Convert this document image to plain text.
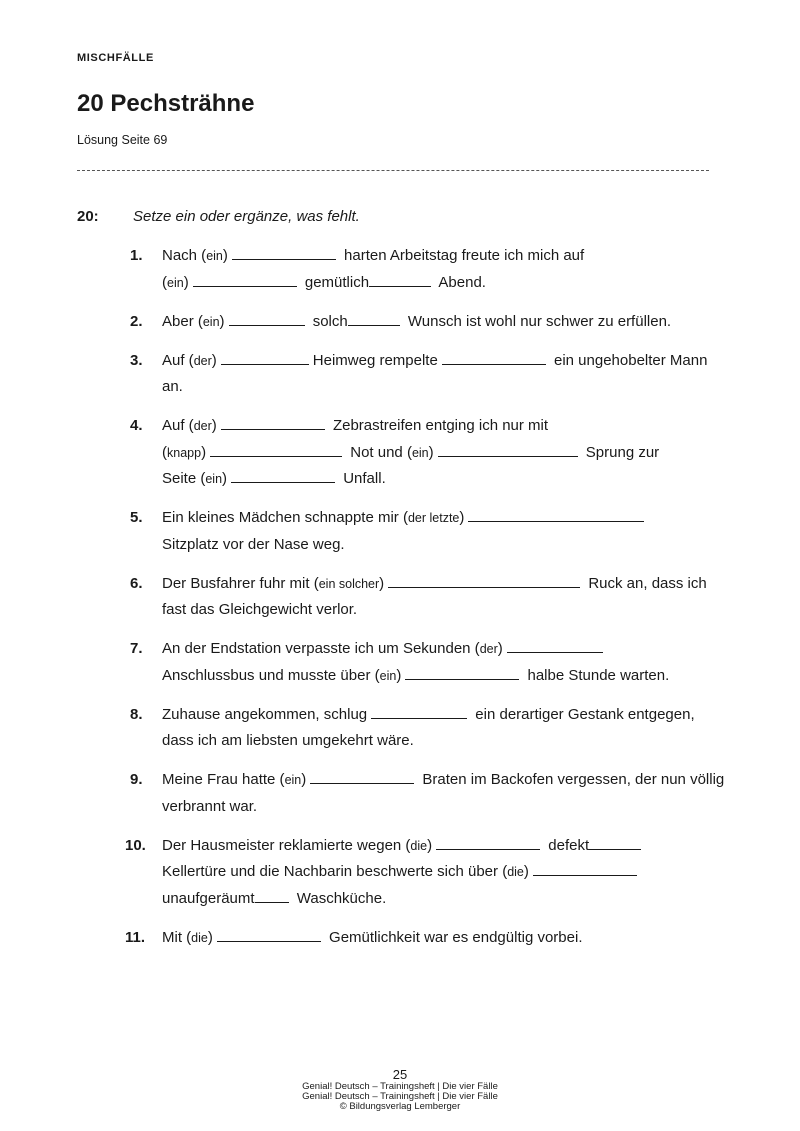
MISCHFÄLLE
20 Pechsträhne
Lösung Seite 69
20: Setze ein oder ergänze, was fehlt.
1. Nach (ein)	harten Arbeitstag freute ich mich auf
(ein)	gemütlich	Abend.
2. Aber (ein)	solch	Wunsch ist wohl nur schwer zu erfüllen.
3. Auf (der)	Heimweg rempelte	ein ungehobelter Mann an.
4. Auf (der)	Zebrastreifen entging ich nur mit
(knapp)	Not und (ein)	Sprung zur
Seite (ein)	Unfall.
5. Ein kleines Mädchen schnappte mir (der letzte)
Sitzplatz vor der Nase weg.
6. Der Busfahrer fuhr mit (ein solcher)	Ruck an, dass ich fast das Gleichgewicht verlor.
7. An der Endstation verpasste ich um Sekunden (der)
Anschlussbus und musste über (ein)	halbe Stunde warten.
8. Zuhause angekommen, schlug	ein derartiger Gestank entgegen, dass ich am liebsten umgekehrt wäre.
9. Meine Frau hatte (ein)	Braten im Backofen vergessen, der nun völlig verbrannt war.
10. Der Hausmeister reklamierte wegen (die)	defekt
Kellertüre und die Nachbarin beschwerte sich über (die)
unaufgeräumt	Waschküche.
11. Mit (die)	Gemütlichkeit war es endgültig vorbei.
25
Genial! Deutsch – Trainingsheft | Die vier Fälle
Genial! Deutsch – Trainingsheft | Die vier Fälle
© Bildungsverlag Lemberger
